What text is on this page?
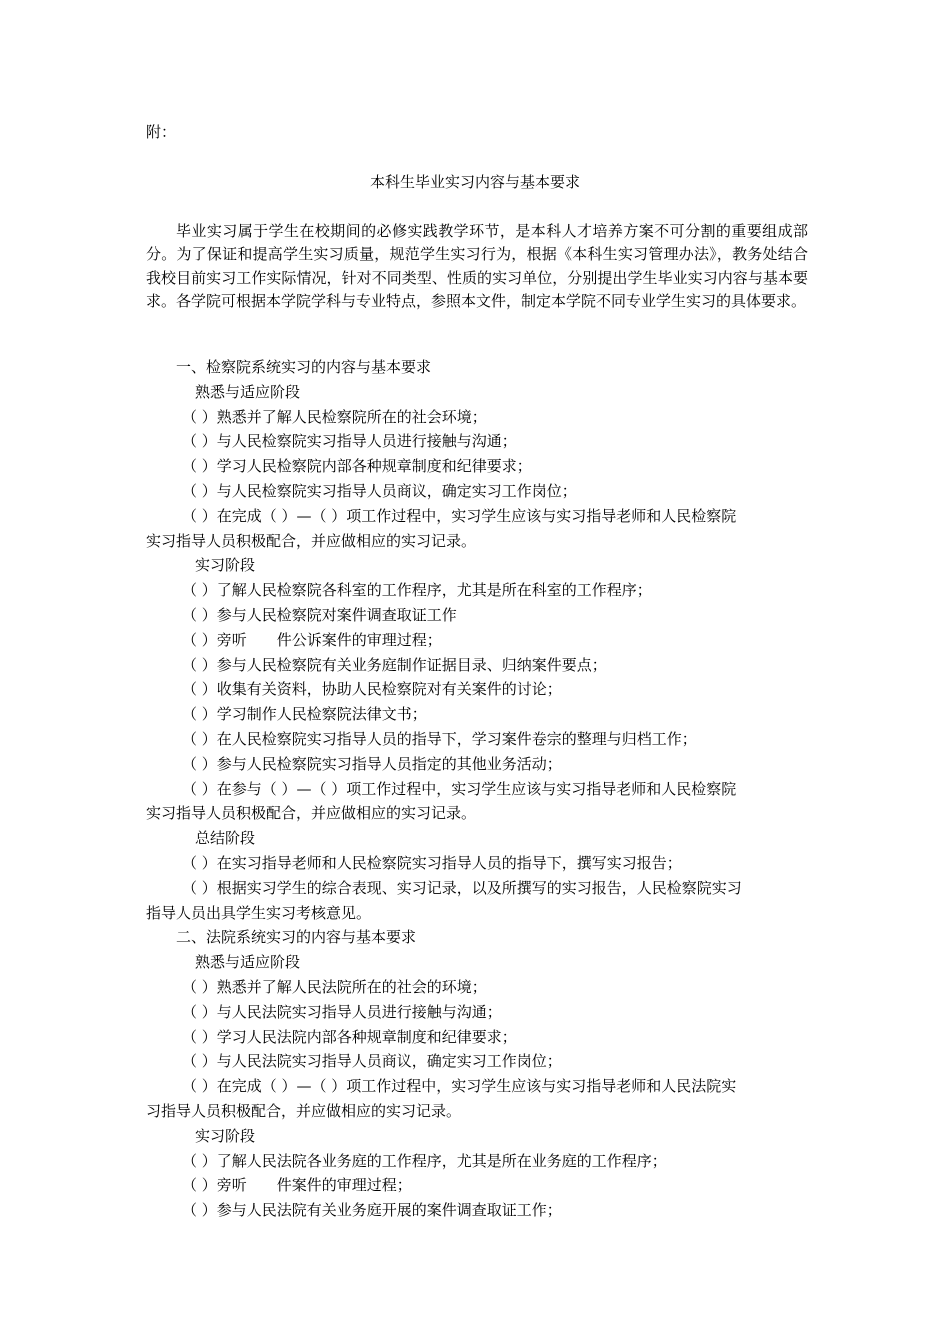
附：
本科生毕业实习内容与基本要求

毕业实习属于学生在校期间的必修实践教学环节，是本科人才培养方案不可分割的重要组成部分。为了保证和提高学生实习质量，规范学生实习行为，根据《本科生实习管理办法》，教务处结合我校目前实习工作实际情况，针对不同类型、性质的实习单位，分别提出学生毕业实习内容与基本要求。各学院可根据本学院学科与专业特点，参照本文件，制定本学院不同专业学生实习的具体要求。

一、检察院系统实习的内容与基本要求

熟悉与适应阶段

（ ）熟悉并了解人民检察院所在的社会环境；

（ ）与人民检察院实习指导人员进行接触与沟通；

（ ）学习人民检察院内部各种规章制度和纪律要求；

（ ）与人民检察院实习指导人员商议，确定实习工作岗位；

（ ）在完成（ ）—（ ）项工作过程中，实习学生应该与实习指导老师和人民检察院

实习指导人员积极配合，并应做相应的实习记录。

实习阶段

（ ）了解人民检察院各科室的工作程序，尤其是所在科室的工作程序；

（ ）参与人民检察院对案件调查取证工作

（ ）旁听　　件公诉案件的审理过程；

（ ）参与人民检察院有关业务庭制作证据目录、归纳案件要点；

（ ）收集有关资料，协助人民检察院对有关案件的讨论；

（ ）学习制作人民检察院法律文书；

（ ）在人民检察院实习指导人员的指导下，学习案件卷宗的整理与归档工作；

（ ）参与人民检察院实习指导人员指定的其他业务活动；

（ ）在参与（ ）—（ ）项工作过程中，实习学生应该与实习指导老师和人民检察院

实习指导人员积极配合，并应做相应的实习记录。

总结阶段

（ ）在实习指导老师和人民检察院实习指导人员的指导下，撰写实习报告；

（ ）根据实习学生的综合表现、实习记录，以及所撰写的实习报告，人民检察院实习

指导人员出具学生实习考核意见。

二、法院系统实习的内容与基本要求

熟悉与适应阶段

（ ）熟悉并了解人民法院所在的社会的环境；

（ ）与人民法院实习指导人员进行接触与沟通；

（ ）学习人民法院内部各种规章制度和纪律要求；

（ ）与人民法院实习指导人员商议，确定实习工作岗位；

（ ）在完成（ ）—（ ）项工作过程中，实习学生应该与实习指导老师和人民法院实

习指导人员积极配合，并应做相应的实习记录。

实习阶段

（ ）了解人民法院各业务庭的工作程序，尤其是所在业务庭的工作程序；

（ ）旁听　　件案件的审理过程；

（ ）参与人民法院有关业务庭开展的案件调查取证工作；
